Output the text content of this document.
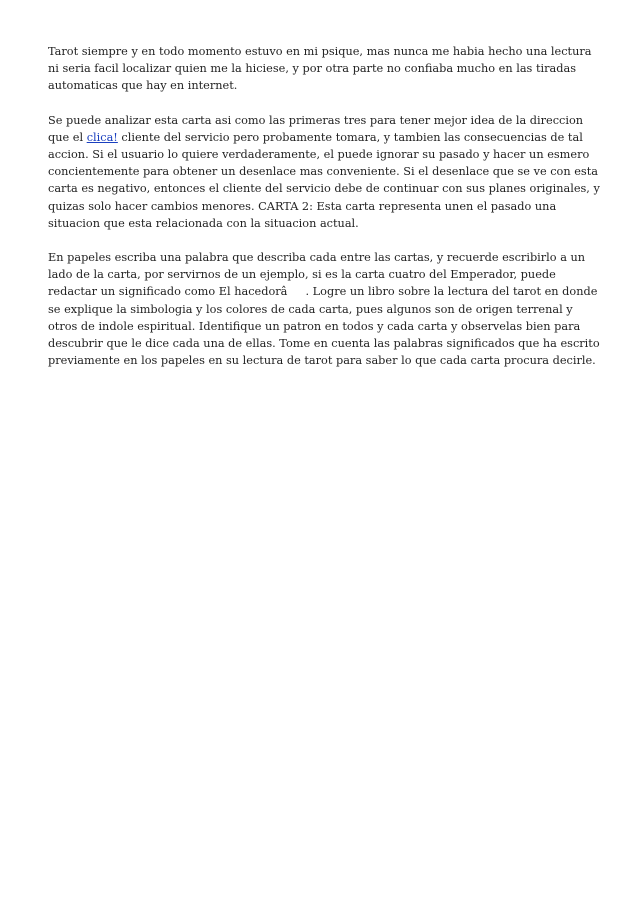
Tarot siempre y en todo momento estuvo en mi psique, mas nunca me habia hecho una lectura ni seria facil localizar quien me la hiciese, y por otra parte no confiaba mucho en las tiradas automaticas que hay en internet.

Se puede analizar esta carta asi como las primeras tres para tener mejor idea de la direccion que el clica! cliente del servicio pero probamente tomara, y tambien las consecuencias de tal accion. Si el usuario lo quiere verdaderamente, el puede ignorar su pasado y hacer un esmero concientemente para obtener un desenlace mas conveniente. Si el desenlace que se ve con esta carta es negativo, entonces el cliente del servicio debe de continuar con sus planes originales, y quizas solo hacer cambios menores. CARTA 2: Esta carta representa unen el pasado una situacion que esta relacionada con la situacion actual.

En papeles escriba una palabra que describa cada entre las cartas, y recuerde escribirlo a un lado de la carta, por servirnos de un ejemplo, si es la carta cuatro del Emperador, puede redactar un significado como El hacedorâ. Logre un libro sobre la lectura del tarot en donde se explique la simbologia y los colores de cada carta, pues algunos son de origen terrenal y otros de indole espiritual. Identifique un patron en todos y cada carta y observelas bien para descubrir que le dice cada una de ellas. Tome en cuenta las palabras significados que ha escrito previamente en los papeles en su lectura de tarot para saber lo que cada carta procura decirle.
